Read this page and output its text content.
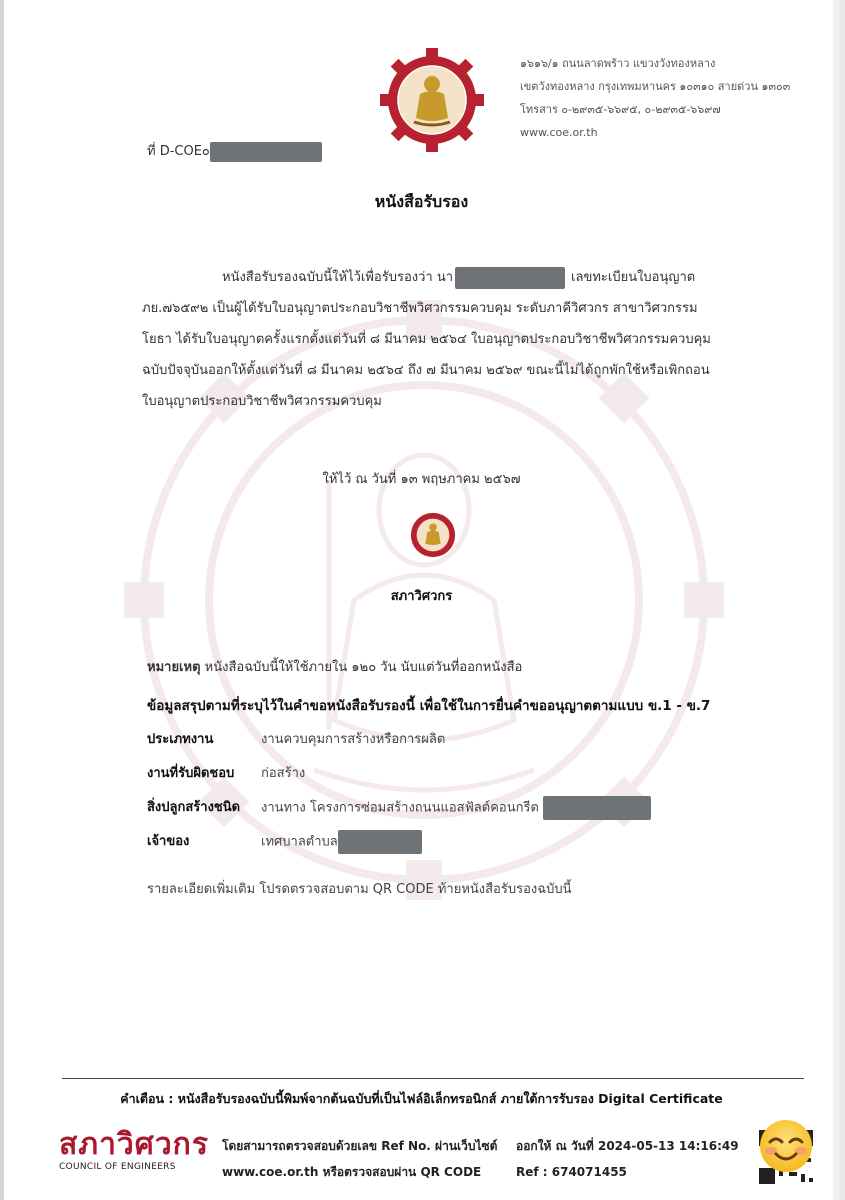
๑๖๑๖/๑ ถนนลาดพร้าว แขวงวังทองหลาง
เขตวังทองหลาง กรุงเทพมหานคร ๑๐๓๑๐ สายด่วน ๑๓๐๓
โทรสาร ๐-๒๙๓๕-๖๖๙๕, ๐-๒๙๓๕-๖๖๙๗
www.coe.or.th
ที่ D-COE๐
หนังสือรับรอง
หนังสือรับรองฉบับนี้ให้ไว้เพื่อรับรองว่า นา	เลขทะเบียนใบอนุญาต
ภย.๗๖๕๙๒ เป็นผู้ได้รับใบอนุญาตประกอบวิชาชีพวิศวกรรมควบคุม ระดับภาคีวิศวกร สาขาวิศวกรรม
โยธา ได้รับใบอนุญาตครั้งแรกตั้งแต่วันที่ ๘ มีนาคม ๒๕๖๔ ใบอนุญาตประกอบวิชาชีพวิศวกรรมควบคุม
ฉบับปัจจุบันออกให้ตั้งแต่วันที่ ๘ มีนาคม ๒๕๖๔ ถึง ๗ มีนาคม ๒๕๖๙ ขณะนี้ไม่ได้ถูกพักใช้หรือเพิกถอน
ใบอนุญาตประกอบวิชาชีพวิศวกรรมควบคุม
ให้ไว้ ณ วันที่ ๑๓ พฤษภาคม ๒๕๖๗
สภาวิศวกร
หมายเหตุ หนังสือฉบับนี้ให้ใช้ภายใน ๑๒๐ วัน นับแต่วันที่ออกหนังสือ
ข้อมูลสรุปตามที่ระบุไว้ในคำขอหนังสือรับรองนี้ เพื่อใช้ในการยื่นคำขออนุญาตตามแบบ ข.1 - ข.7
ประเภทงาน	งานควบคุมการสร้างหรือการผลิต
งานที่รับผิดชอบ ก่อสร้าง
สิ่งปลูกสร้างชนิด งานทาง โครงการซ่อมสร้างถนนแอสฟัลต์คอนกรีต
เจ้าของ	เทศบาลตำบล
รายละเอียดเพิ่มเติม โปรดตรวจสอบตาม QR CODE ท้ายหนังสือรับรองฉบับนี้
คำเตือน : หนังสือรับรองฉบับนี้พิมพ์จากต้นฉบับที่เป็นไฟล์อิเล็กทรอนิกส์ ภายใต้การรับรอง Digital Certificate
สภาวิศวกร
COUNCIL OF ENGINEERS
โดยสามารถตรวจสอบด้วยเลข Ref No. ผ่านเว็บไซต์
www.coe.or.th หรือตรวจสอบผ่าน QR CODE
ออกให้ ณ วันที่ 2024-05-13 14:16:49
Ref : 674071455
